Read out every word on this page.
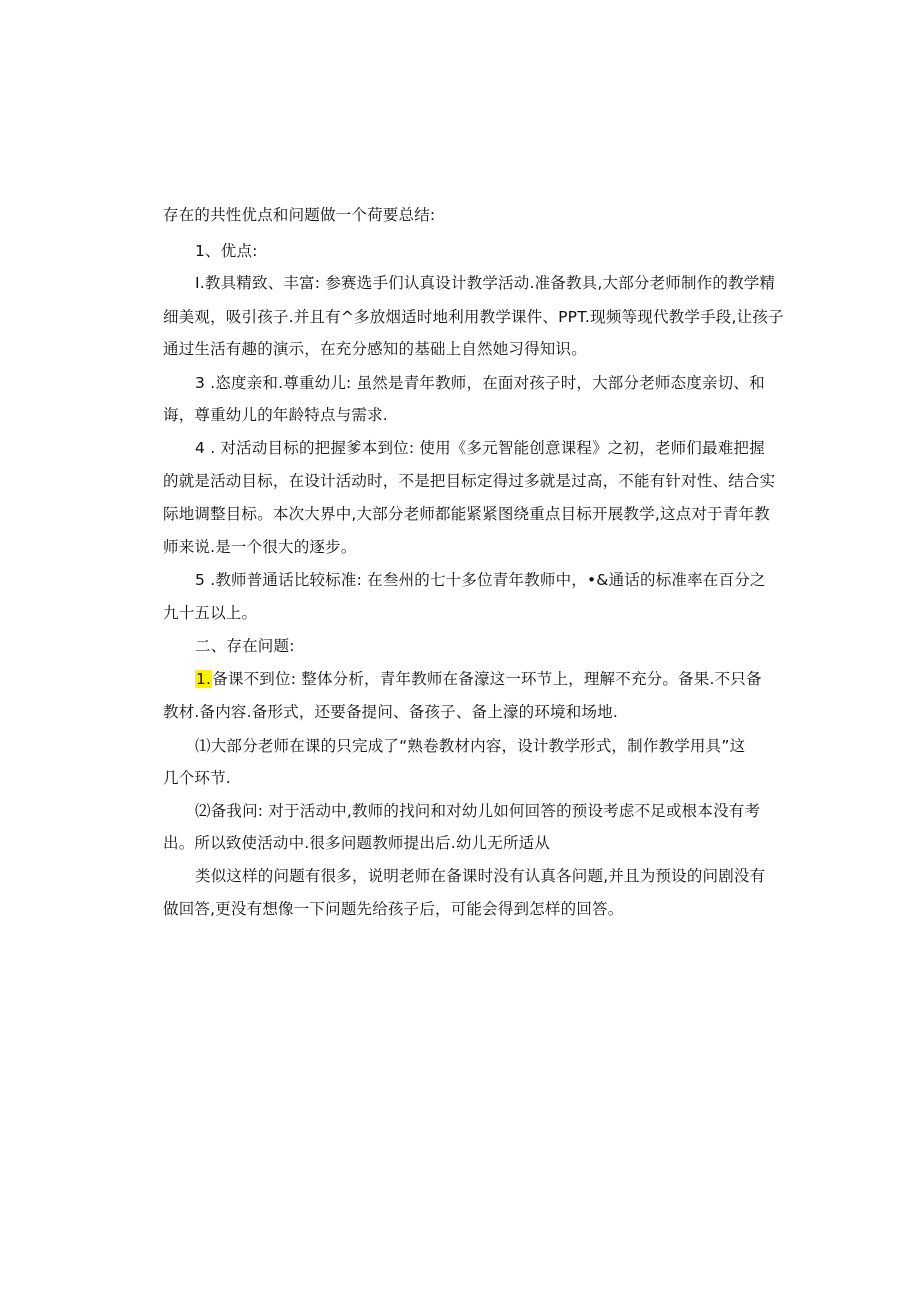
存在的共性优点和问题做一个荷要总结:
1、优点:
I.教具精致、丰富: 参赛选手们认真设计教学活动.准备教具,大部分老师制作的教学精
细美观，吸引孩子.并且有^多放烟适时地利用教学课件、PPT.现频等现代教学手段,让孩子
通过生活有趣的演示，在充分感知的基础上自然她习得知识。
3 .恣度亲和.尊重幼儿: 虽然是青年教师，在面对孩子时，大部分老师态度亲切、和
诲，尊重幼儿的年龄特点与需求.
4 . 对活动目标的把握爹本到位: 使用《多元智能创意课程》之初，老师们最难把握
的就是活动目标，在设计活动时，不是把目标定得过多就是过高，不能有针对性、结合实
际地调整目标。本次大界中,大部分老师都能紧紧图绕重点目标开展教学,这点对于青年教
师来说.是一个很大的逐步。
5 .教师普通话比较标准: 在叁州的七十多位青年教师中，•&通话的标准率在百分之
九十五以上。
二、存在问题:
1.备课不到位: 整体分析，青年教师在备濠这一环节上，理解不充分。备果.不只备
教材.备内容.备形式，还要备提问、备孩子、备上濠的环境和场地.
⑴大部分老师在课的只完成了“熟卷教材内容，设计教学形式，制作教学用具”这
几个环节.
⑵备我问: 对于活动中,教师的找问和对幼儿如何回答的预设考虑不足或根本没有考
出。所以致使活动中.很多问题教师提出后.幼儿无所适从
类似这样的问题有很多，说明老师在备课时没有认真各问题,并且为预设的问剧没有
做回答,更没有想像一下问题先给孩子后，可能会得到怎样的回答。
